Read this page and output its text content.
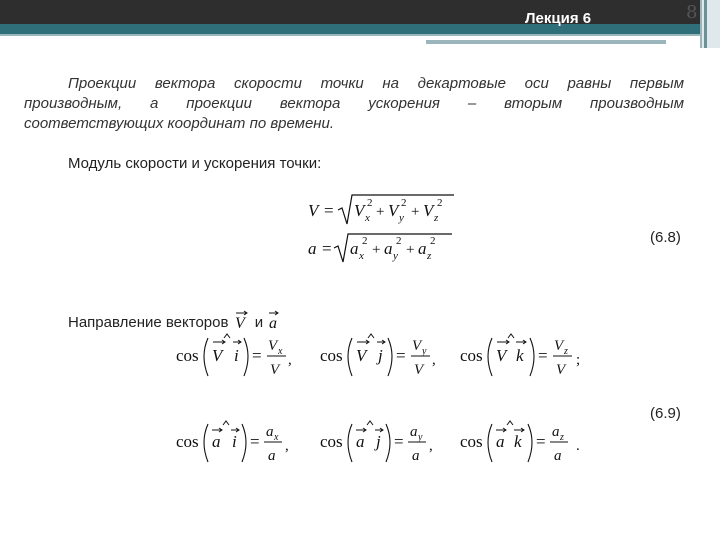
Лекция 6	8
Проекции вектора скорости точки на декартовые оси равны первым
производным, а проекции вектора ускорения – вторым производным
соответствующих координат по времени.
Модуль скорости и ускорения точки:
V = V x
2
+ V y
2
+ V z
2
a = a x
2
+ a y
2
+ a z
2	(6.8)
Направление векторов V и a
cos V i = V x
V
, cos V j = V y
V
, cos V k = V z
V
;
(6.9)
cos a i = a x
a
, cos a j = a y
a
, cos a k = a z
a
.
